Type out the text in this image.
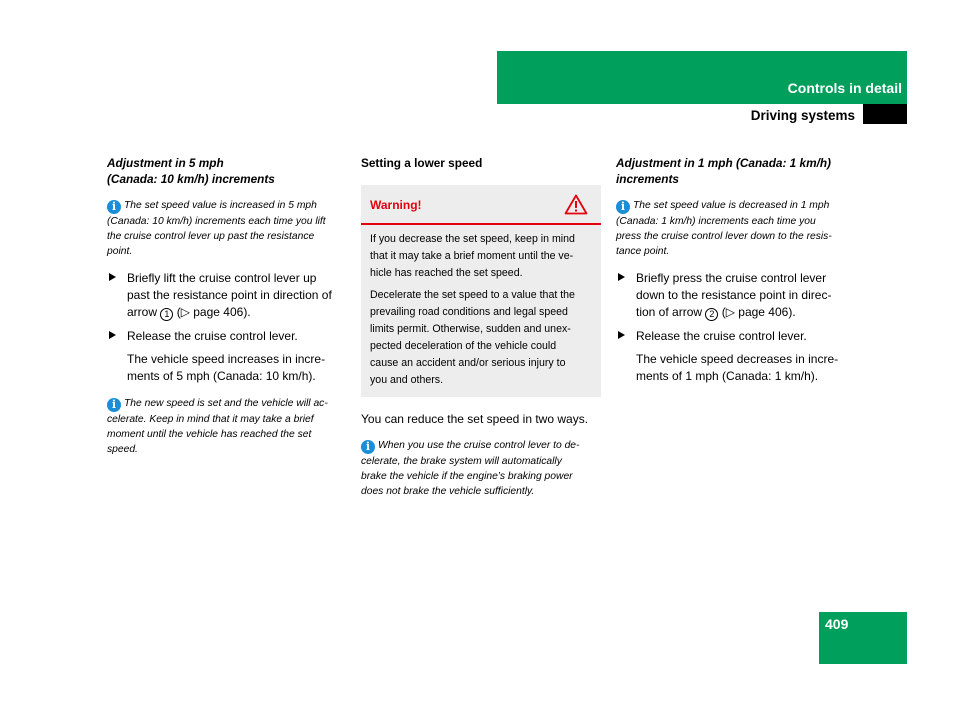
Controls in detail
Driving systems
Adjustment in 5 mph
(Canada: 10 km/h) increments
i The set speed value is increased in 5 mph
(Canada: 10 km/h) increments each time you lift
the cruise control lever up past the resistance
point.
Briefly lift the cruise control lever up
past the resistance point in direction of
arrow 1 (▷ page 406).
Release the cruise control lever.
The vehicle speed increases in incre-
ments of 5 mph (Canada: 10 km/h).
i The new speed is set and the vehicle will ac-
celerate. Keep in mind that it may take a brief
moment until the vehicle has reached the set
speed.
Setting a lower speed
Warning!

If you decrease the set speed, keep in mind
that it may take a brief moment until the ve-
hicle has reached the set speed.

Decelerate the set speed to a value that the
prevailing road conditions and legal speed
limits permit. Otherwise, sudden and unex-
pected deceleration of the vehicle could
cause an accident and/or serious injury to
you and others.

You can reduce the set speed in two ways.
i When you use the cruise control lever to de-
celerate, the brake system will automatically
brake the vehicle if the engine’s braking power
does not brake the vehicle sufficiently.
Adjustment in 1 mph (Canada: 1 km/h)
increments
i The set speed value is decreased in 1 mph
(Canada: 1 km/h) increments each time you
press the cruise control lever down to the resis-
tance point.
Briefly press the cruise control lever
down to the resistance point in direc-
tion of arrow 2 (▷ page 406).
Release the cruise control lever.
The vehicle speed decreases in incre-
ments of 1 mph (Canada: 1 km/h).
409
